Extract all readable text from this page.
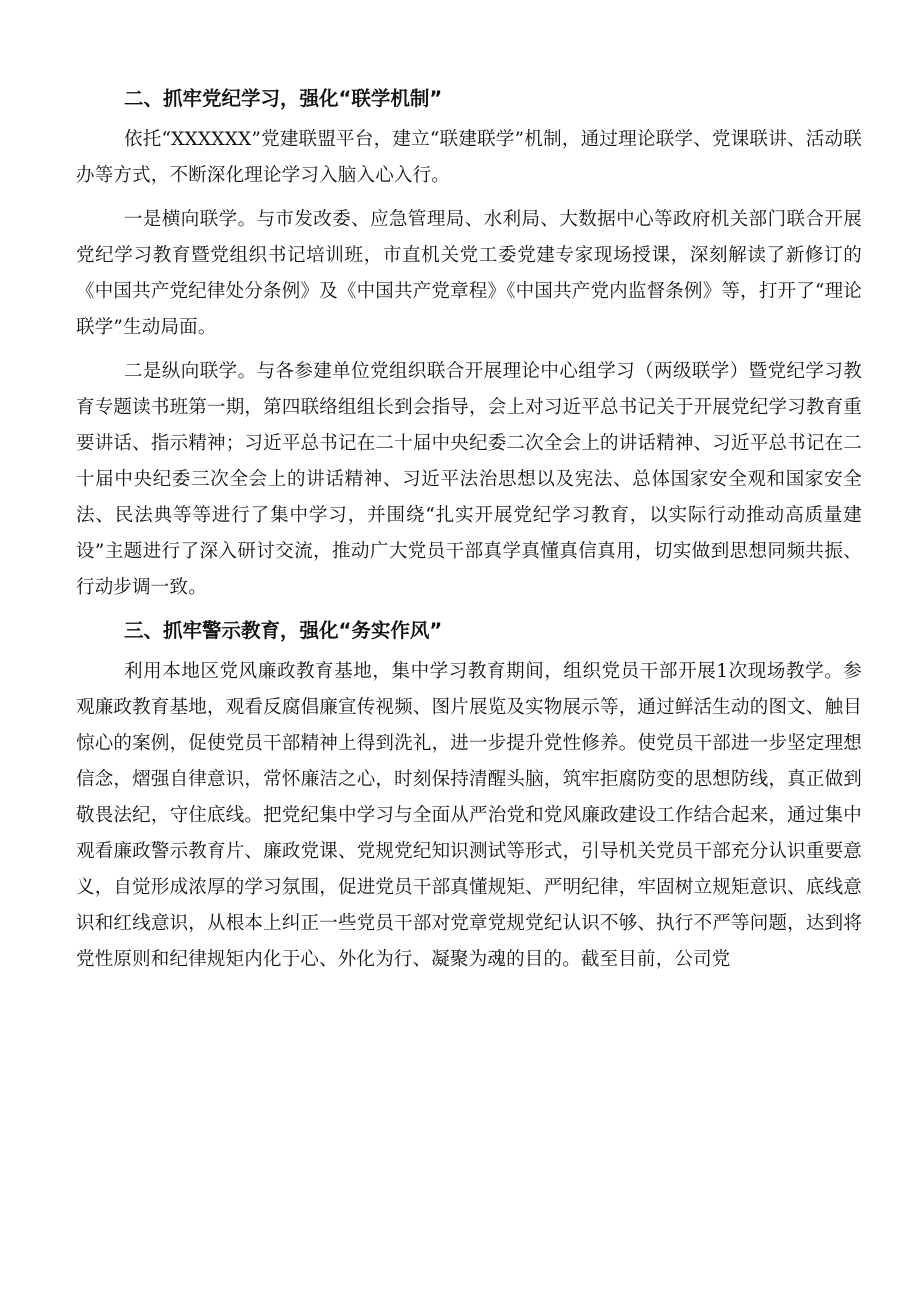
二、抓牢党纪学习，强化“联学机制”

依托“XXXXXX”党建联盟平台，建立“联建联学”机制，通过理论联学、党课联讲、活动联办等方式，不断深化理论学习入脑入心入行。

一是横向联学。与市发改委、应急管理局、水利局、大数据中心等政府机关部门联合开展党纪学习教育暨党组织书记培训班，市直机关党工委党建专家现场授课，深刻解读了新修订的《中国共产党纪律处分条例》及《中国共产党章程》《中国共产党内监督条例》等，打开了“理论联学”生动局面。

二是纵向联学。与各参建单位党组织联合开展理论中心组学习（两级联学）暨党纪学习教育专题读书班第一期，第四联络组组长到会指导，会上对习近平总书记关于开展党纪学习教育重要讲话、指示精神；习近平总书记在二十届中央纪委二次全会上的讲话精神、习近平总书记在二十届中央纪委三次全会上的讲话精神、习近平法治思想以及宪法、总体国家安全观和国家安全法、民法典等等进行了集中学习，并围绕“扎实开展党纪学习教育，以实际行动推动高质量建设”主题进行了深入研讨交流，推动广大党员干部真学真懂真信真用，切实做到思想同频共振、行动步调一致。

三、抓牢警示教育，强化“务实作风”

利用本地区党风廉政教育基地，集中学习教育期间，组织党员干部开展1次现场教学。参观廉政教育基地，观看反腐倡廉宣传视频、图片展览及实物展示等，通过鲜活生动的图文、触目惊心的案例，促使党员干部精神上得到洗礼，进一步提升党性修养。使党员干部进一步坚定理想信念，熠强自律意识，常怀廉洁之心，时刻保持清醒头脑，筑牢拒腐防变的思想防线，真正做到敬畏法纪，守住底线。把党纪集中学习与全面从严治党和党风廉政建设工作结合起来，通过集中观看廉政警示教育片、廉政党课、党规党纪知识测试等形式，引导机关党员干部充分认识重要意义，自觉形成浓厚的学习氛围，促进党员干部真懂规矩、严明纪律，牢固树立规矩意识、底线意识和红线意识，从根本上纠正一些党员干部对党章党规党纪认识不够、执行不严等问题，达到将党性原则和纪律规矩内化于心、外化为行、凝聚为魂的目的。截至目前，公司党
